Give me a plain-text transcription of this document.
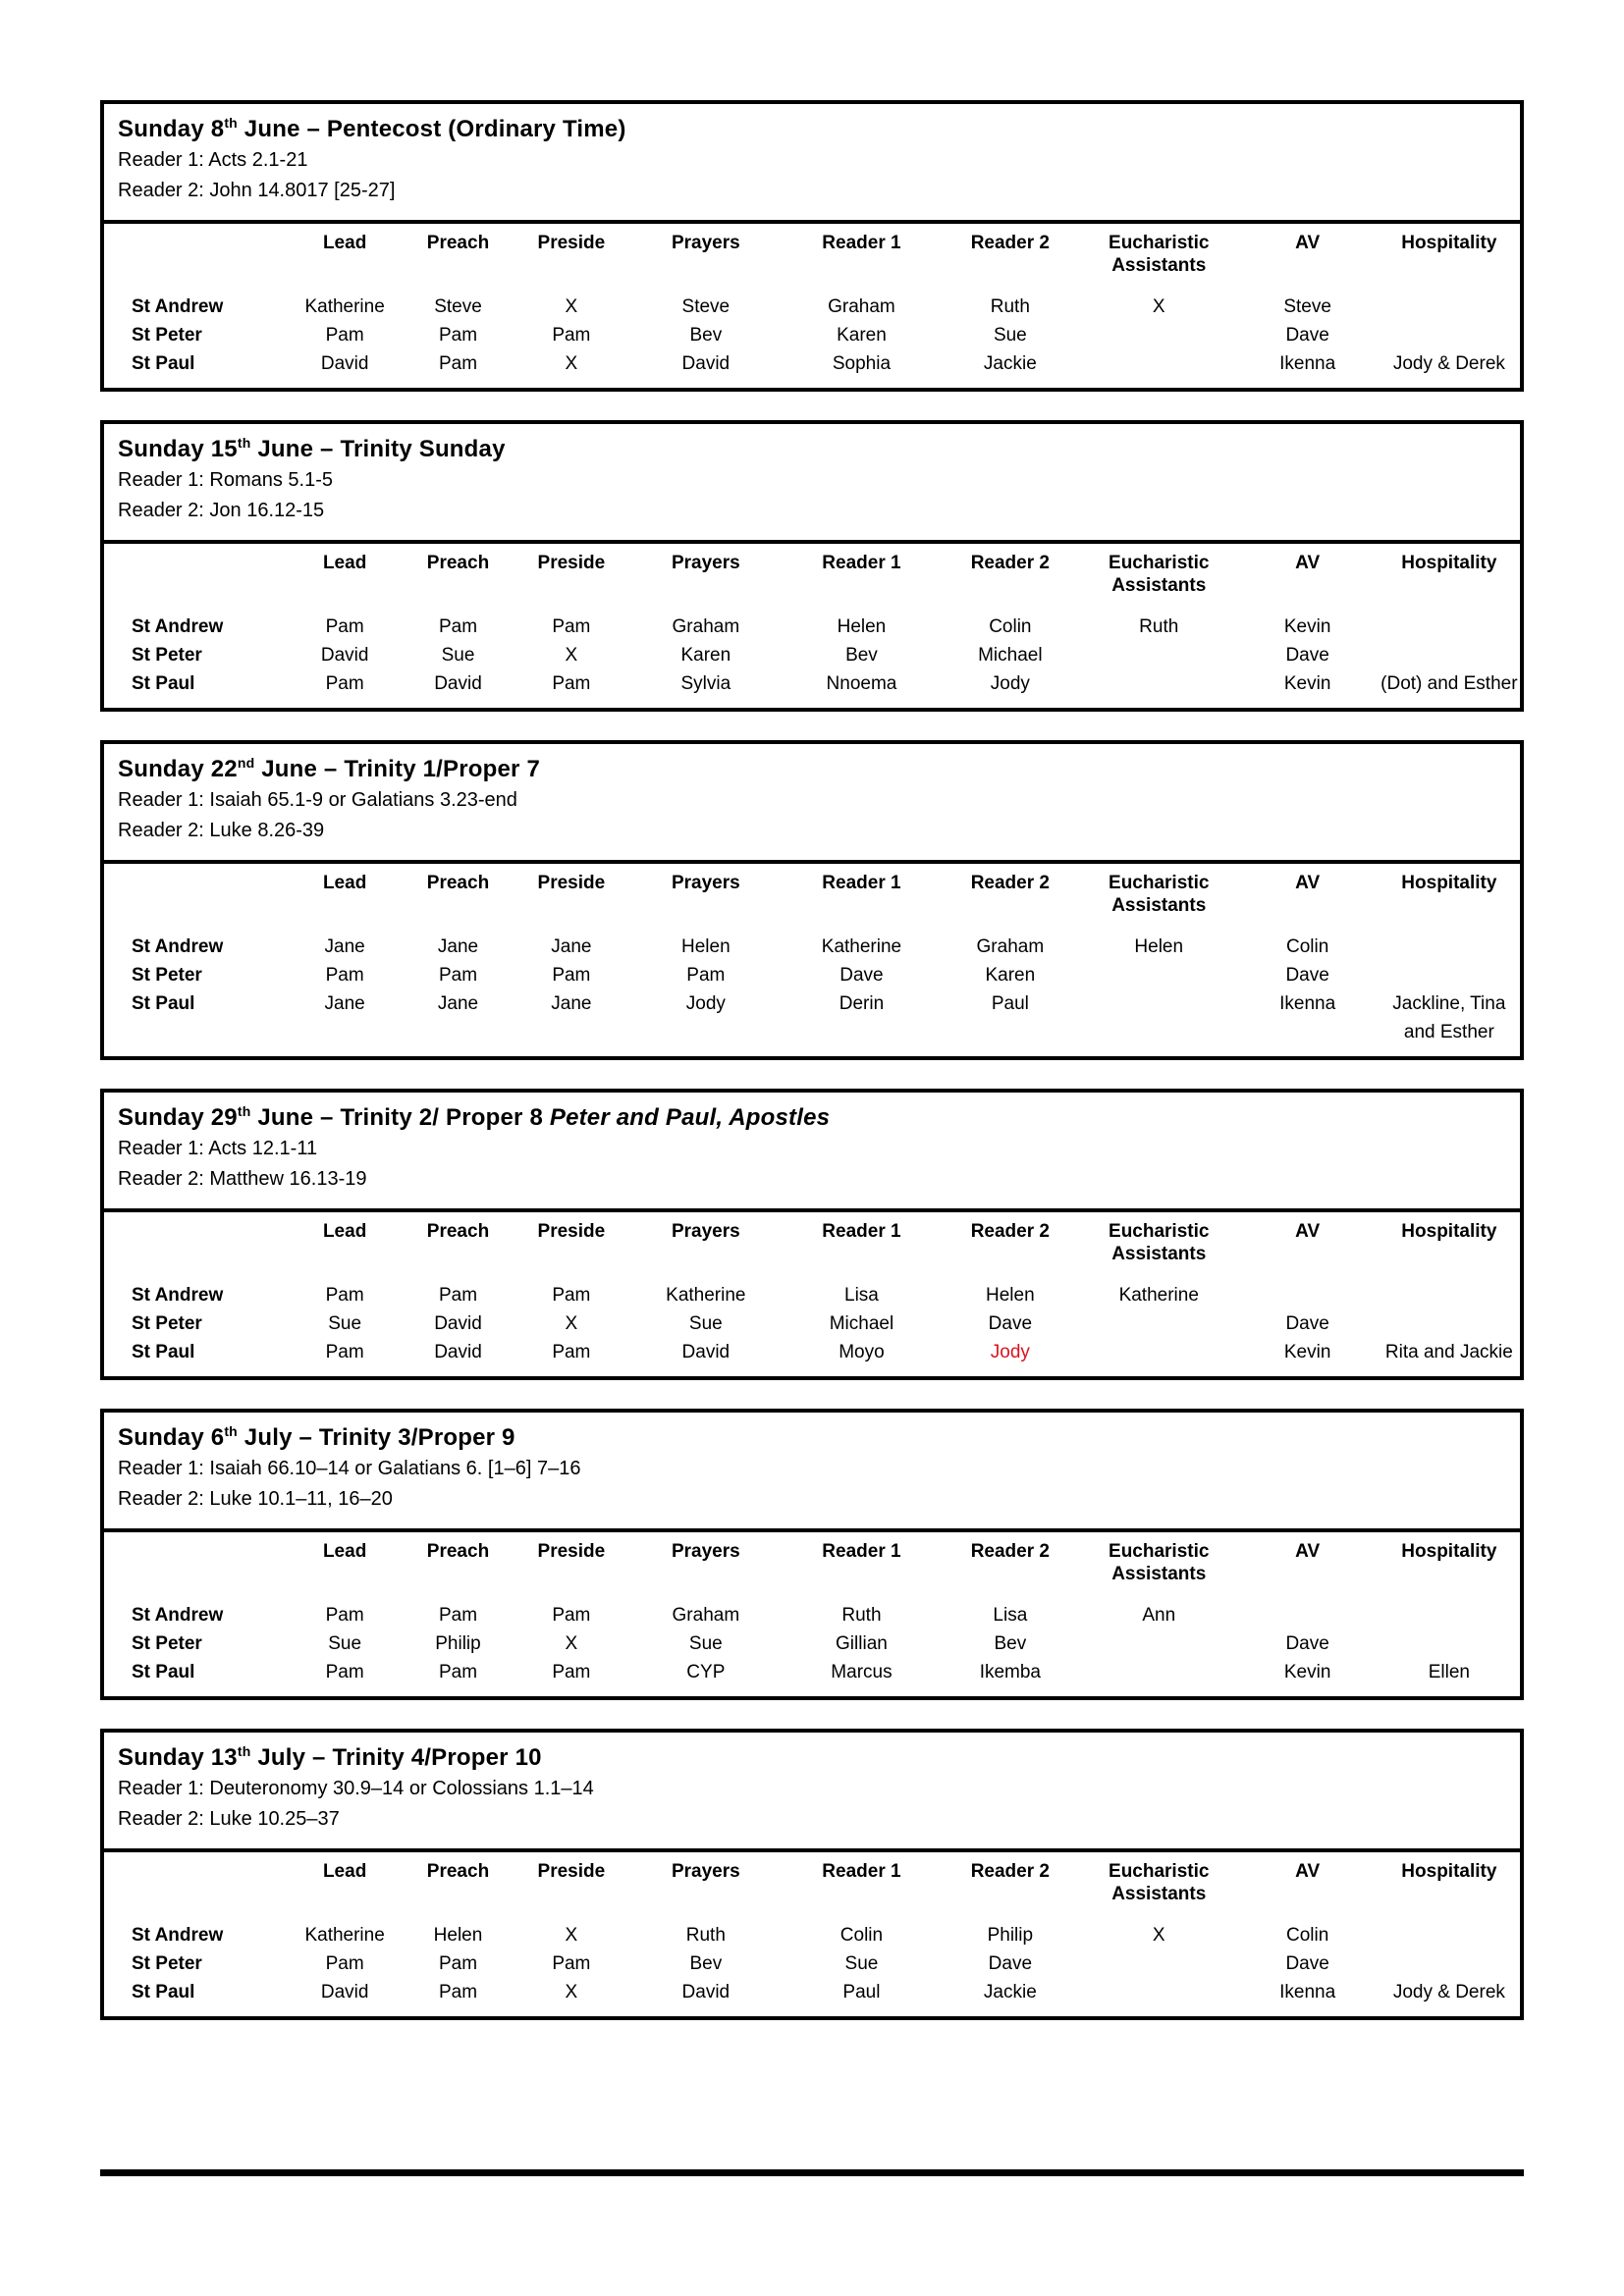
Sunday 8th June – Pentecost (Ordinary Time)
Reader 1: Acts 2.1-21
Reader 2: John 14.8017 [25-27]
	Lead	Preach	Preside	Prayers	Reader 1	Reader 2	Eucharistic Assistants	AV	Hospitality
St Andrew	Katherine	Steve	X	Steve	Graham	Ruth	X	Steve	
St Peter	Pam	Pam	Pam	Bev	Karen	Sue		Dave	
St Paul	David	Pam	X	David	Sophia	Jackie		Ikenna	Jody & Derek
Sunday 15th June – Trinity Sunday
Reader 1: Romans 5.1-5
Reader 2: Jon 16.12-15
	Lead	Preach	Preside	Prayers	Reader 1	Reader 2	Eucharistic Assistants	AV	Hospitality
St Andrew	Pam	Pam	Pam	Graham	Helen	Colin	Ruth	Kevin	
St Peter	David	Sue	X	Karen	Bev	Michael		Dave	
St Paul	Pam	David	Pam	Sylvia	Nnoema	Jody		Kevin	(Dot) and Esther
Sunday 22nd June – Trinity 1/Proper 7
Reader 1: Isaiah 65.1-9 or Galatians 3.23-end
Reader 2: Luke 8.26-39
	Lead	Preach	Preside	Prayers	Reader 1	Reader 2	Eucharistic Assistants	AV	Hospitality
St Andrew	Jane	Jane	Jane	Helen	Katherine	Graham	Helen	Colin	
St Peter	Pam	Pam	Pam	Pam	Dave	Karen		Dave	
St Paul	Jane	Jane	Jane	Jody	Derin	Paul		Ikenna	Jackline, Tina and Esther
Sunday 29th June – Trinity 2/ Proper 8 Peter and Paul, Apostles
Reader 1: Acts 12.1-11
Reader 2: Matthew 16.13-19
	Lead	Preach	Preside	Prayers	Reader 1	Reader 2	Eucharistic Assistants	AV	Hospitality
St Andrew	Pam	Pam	Pam	Katherine	Lisa	Helen	Katherine		
St Peter	Sue	David	X	Sue	Michael	Dave		Dave	
St Paul	Pam	David	Pam	David	Moyo	Jody		Kevin	Rita and Jackie
Sunday 6th July – Trinity 3/Proper 9
Reader 1: Isaiah 66.10–14 or Galatians 6. [1–6] 7–16
Reader 2: Luke 10.1–11, 16–20
	Lead	Preach	Preside	Prayers	Reader 1	Reader 2	Eucharistic Assistants	AV	Hospitality
St Andrew	Pam	Pam	Pam	Graham	Ruth	Lisa	Ann		
St Peter	Sue	Philip	X	Sue	Gillian	Bev		Dave	
St Paul	Pam	Pam	Pam	CYP	Marcus	Ikemba		Kevin	Ellen
Sunday 13th July – Trinity 4/Proper 10
Reader 1: Deuteronomy 30.9–14 or Colossians 1.1–14
Reader 2: Luke 10.25–37
	Lead	Preach	Preside	Prayers	Reader 1	Reader 2	Eucharistic Assistants	AV	Hospitality
St Andrew	Katherine	Helen	X	Ruth	Colin	Philip	X	Colin	
St Peter	Pam	Pam	Pam	Bev	Sue	Dave		Dave	
St Paul	David	Pam	X	David	Paul	Jackie		Ikenna	Jody & Derek
